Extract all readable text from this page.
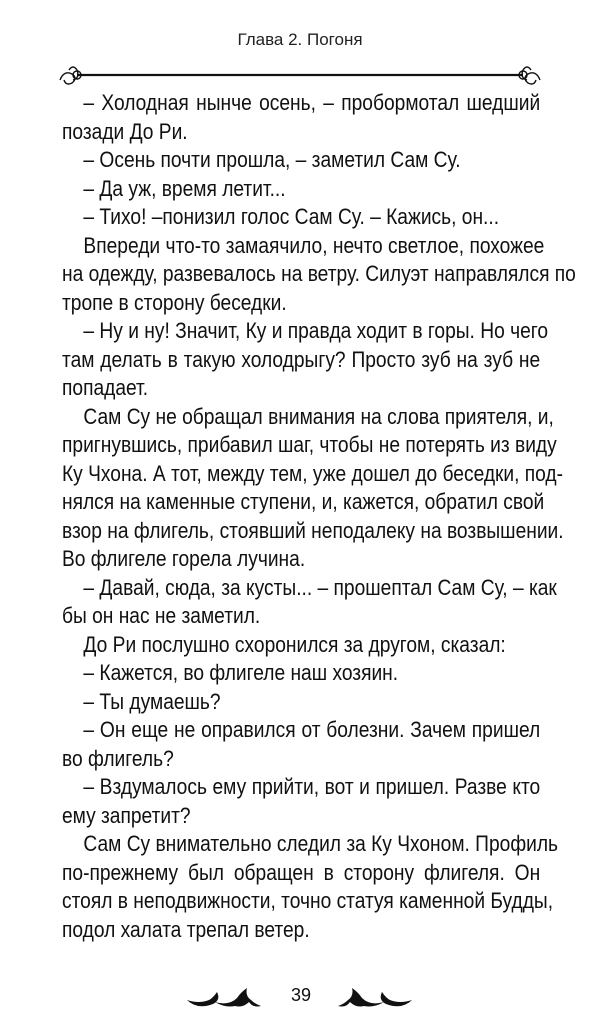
Глава 2. Погоня
– Холодная нынче осень, – пробормотал шедший
позади До Ри.
– Осень почти прошла, – заметил Сам Су.
– Да уж, время летит...
– Тихо! –понизил голос Сам Су. – Кажись, он...
Впереди что-то замаячило, нечто светлое, похожее
на одежду, развевалось на ветру. Силуэт направлялся по
тропе в сторону беседки.
– Ну и ну! Значит, Ку и правда ходит в горы. Но чего
там делать в такую холодрыгу? Просто зуб на зуб не
попадает.
Сам Су не обращал внимания на слова приятеля, и,
пригнувшись, прибавил шаг, чтобы не потерять из виду
Ку Чхона. А тот, между тем, уже дошел до беседки, под-
нялся на каменные ступени, и, кажется, обратил свой
взор на флигель, стоявший неподалеку на возвышении.
Во флигеле горела лучина.
– Давай, сюда, за кусты... – прошептал Сам Су, – как
бы он нас не заметил.
До Ри послушно схоронился за другом, сказал:
– Кажется, во флигеле наш хозяин.
– Ты думаешь?
– Он еще не оправился от болезни. Зачем пришел
во флигель?
– Вздумалось ему прийти, вот и пришел. Разве кто
ему запретит?
Сам Су внимательно следил за Ку Чхоном. Профиль
по-прежнему был обращен в сторону флигеля. Он
стоял в неподвижности, точно статуя каменной Будды,
подол халата трепал ветер.
39
